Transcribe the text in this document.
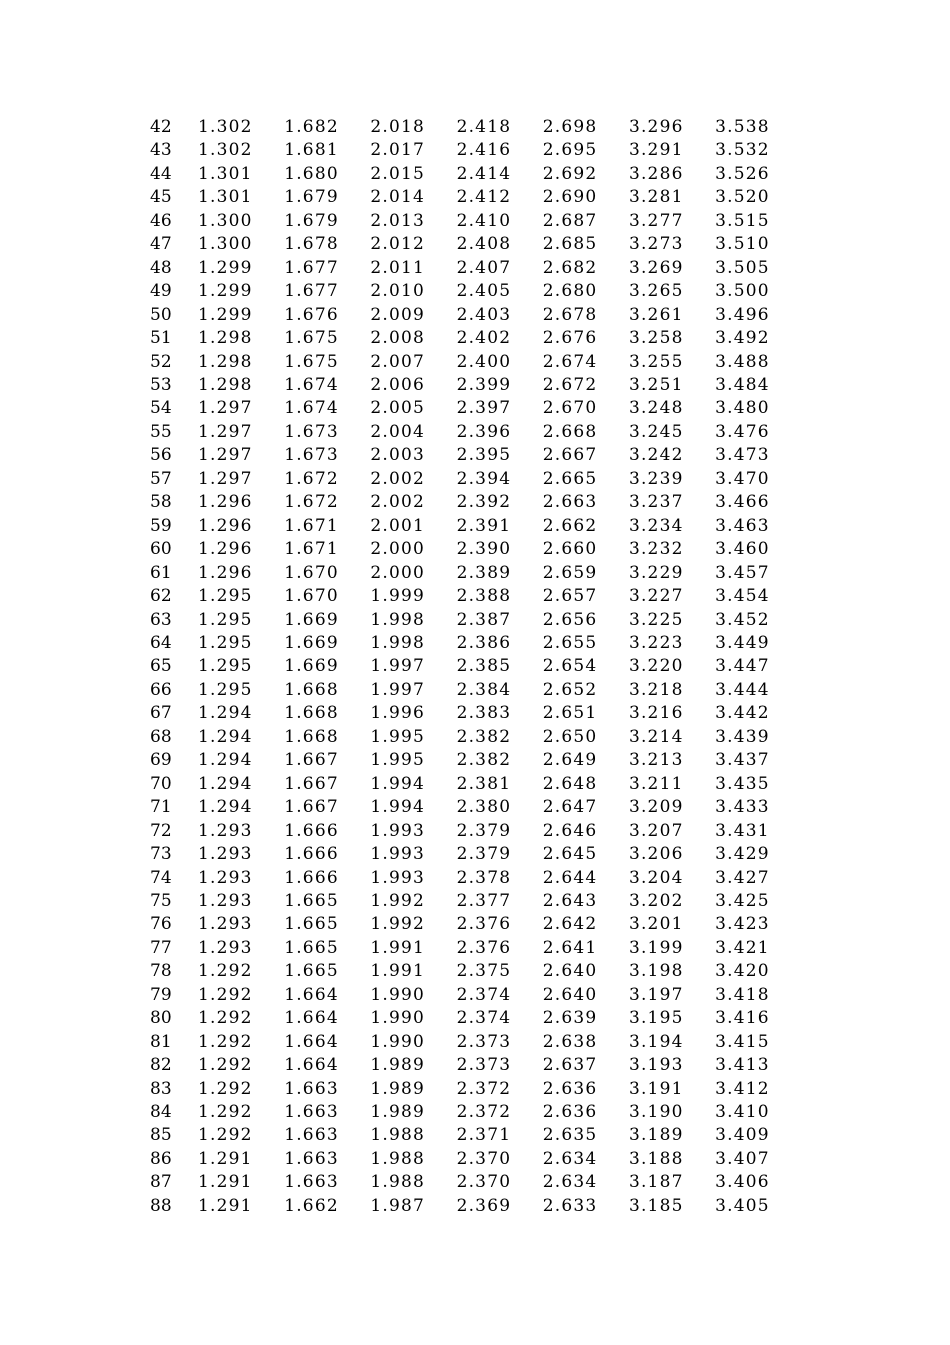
42	1.302	1.682	2.018	2.418	2.698	3.296	3.538
43	1.302	1.681	2.017	2.416	2.695	3.291	3.532
44	1.301	1.680	2.015	2.414	2.692	3.286	3.526
45	1.301	1.679	2.014	2.412	2.690	3.281	3.520
46	1.300	1.679	2.013	2.410	2.687	3.277	3.515
47	1.300	1.678	2.012	2.408	2.685	3.273	3.510
48	1.299	1.677	2.011	2.407	2.682	3.269	3.505
49	1.299	1.677	2.010	2.405	2.680	3.265	3.500
50	1.299	1.676	2.009	2.403	2.678	3.261	3.496
51	1.298	1.675	2.008	2.402	2.676	3.258	3.492
52	1.298	1.675	2.007	2.400	2.674	3.255	3.488
53	1.298	1.674	2.006	2.399	2.672	3.251	3.484
54	1.297	1.674	2.005	2.397	2.670	3.248	3.480
55	1.297	1.673	2.004	2.396	2.668	3.245	3.476
56	1.297	1.673	2.003	2.395	2.667	3.242	3.473
57	1.297	1.672	2.002	2.394	2.665	3.239	3.470
58	1.296	1.672	2.002	2.392	2.663	3.237	3.466
59	1.296	1.671	2.001	2.391	2.662	3.234	3.463
60	1.296	1.671	2.000	2.390	2.660	3.232	3.460
61	1.296	1.670	2.000	2.389	2.659	3.229	3.457
62	1.295	1.670	1.999	2.388	2.657	3.227	3.454
63	1.295	1.669	1.998	2.387	2.656	3.225	3.452
64	1.295	1.669	1.998	2.386	2.655	3.223	3.449
65	1.295	1.669	1.997	2.385	2.654	3.220	3.447
66	1.295	1.668	1.997	2.384	2.652	3.218	3.444
67	1.294	1.668	1.996	2.383	2.651	3.216	3.442
68	1.294	1.668	1.995	2.382	2.650	3.214	3.439
69	1.294	1.667	1.995	2.382	2.649	3.213	3.437
70	1.294	1.667	1.994	2.381	2.648	3.211	3.435
71	1.294	1.667	1.994	2.380	2.647	3.209	3.433
72	1.293	1.666	1.993	2.379	2.646	3.207	3.431
73	1.293	1.666	1.993	2.379	2.645	3.206	3.429
74	1.293	1.666	1.993	2.378	2.644	3.204	3.427
75	1.293	1.665	1.992	2.377	2.643	3.202	3.425
76	1.293	1.665	1.992	2.376	2.642	3.201	3.423
77	1.293	1.665	1.991	2.376	2.641	3.199	3.421
78	1.292	1.665	1.991	2.375	2.640	3.198	3.420
79	1.292	1.664	1.990	2.374	2.640	3.197	3.418
80	1.292	1.664	1.990	2.374	2.639	3.195	3.416
81	1.292	1.664	1.990	2.373	2.638	3.194	3.415
82	1.292	1.664	1.989	2.373	2.637	3.193	3.413
83	1.292	1.663	1.989	2.372	2.636	3.191	3.412
84	1.292	1.663	1.989	2.372	2.636	3.190	3.410
85	1.292	1.663	1.988	2.371	2.635	3.189	3.409
86	1.291	1.663	1.988	2.370	2.634	3.188	3.407
87	1.291	1.663	1.988	2.370	2.634	3.187	3.406
88	1.291	1.662	1.987	2.369	2.633	3.185	3.405
